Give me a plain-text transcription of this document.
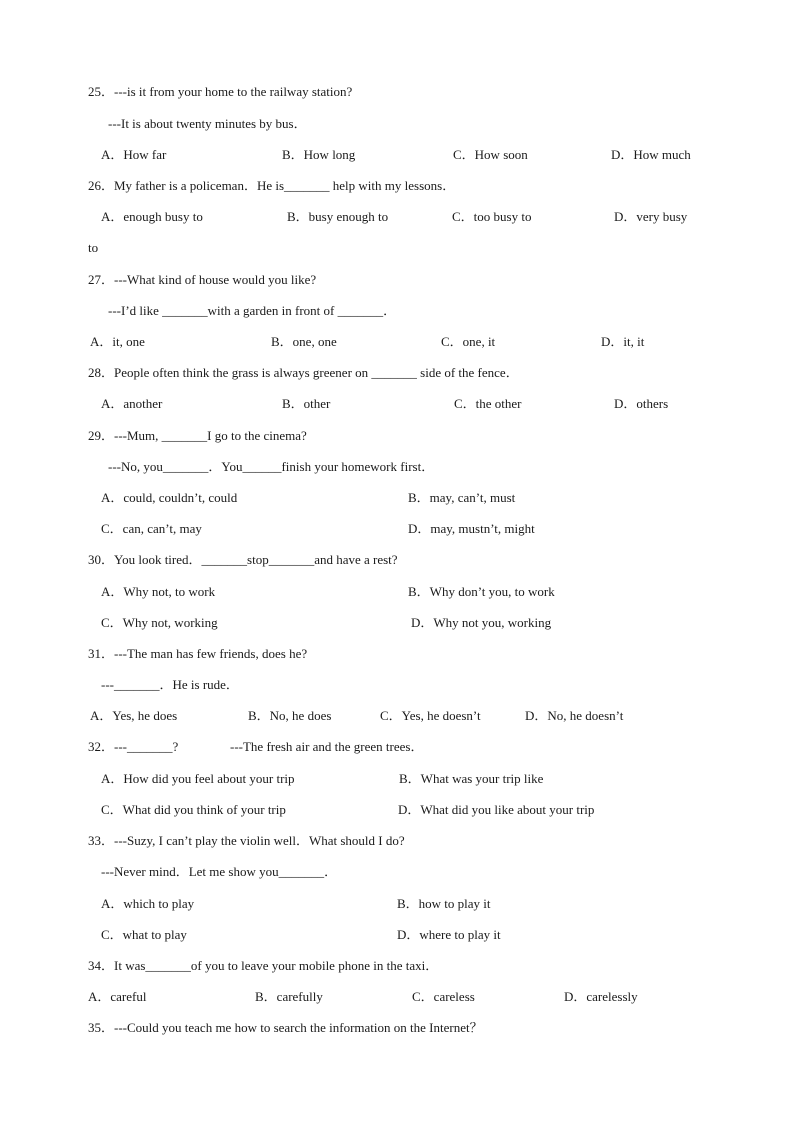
25．---is it from your home to the railway station?
---It is about twenty minutes by bus．
A．How far	B．How long	C．How soon	D．How much
26．My father is a policeman．He is_______ help with my lessons．
A．enough busy to	B．busy enough to	C．too busy to	D．very busy
to
27．---What kind of house would you like?
---I’d like _______with a garden in front of _______．
A．it, one	B．one, one	C．one, it	D．it, it
28．People often think the grass is always greener on _______ side of the fence．
A．another	B．other	C．the other	D．others
29．---Mum, _______I go to the cinema?
---No, you_______．You______finish your homework first．
A．could, couldn’t, could	B．may, can’t, must
C．can, can’t, may	D．may, mustn’t, might
30．You look tired．_______stop_______and have a rest?
A．Why not, to work	B．Why don’t you, to work
C．Why not, working	D．Why not you, working
31．---The man has few friends, does he?
---_______．He is rude．
A．Yes, he does	B．No, he does	C．Yes, he doesn’t	D．No, he doesn’t
32．---_______?	---The fresh air and the green trees．
A．How did you feel about your trip	B．What was your trip like
C．What did you think of your trip	D．What did you like about your trip
33．---Suzy, I can’t play the violin well．What should I do?
---Never mind．Let me show you_______．
A．which to play	B．how to play it
C．what to play	D．where to play it
34．It was_______of you to leave your mobile phone in the taxi．
A．careful	B．carefully	C．careless	D．carelessly
35．---Could you teach me how to search the information on the Internet？
